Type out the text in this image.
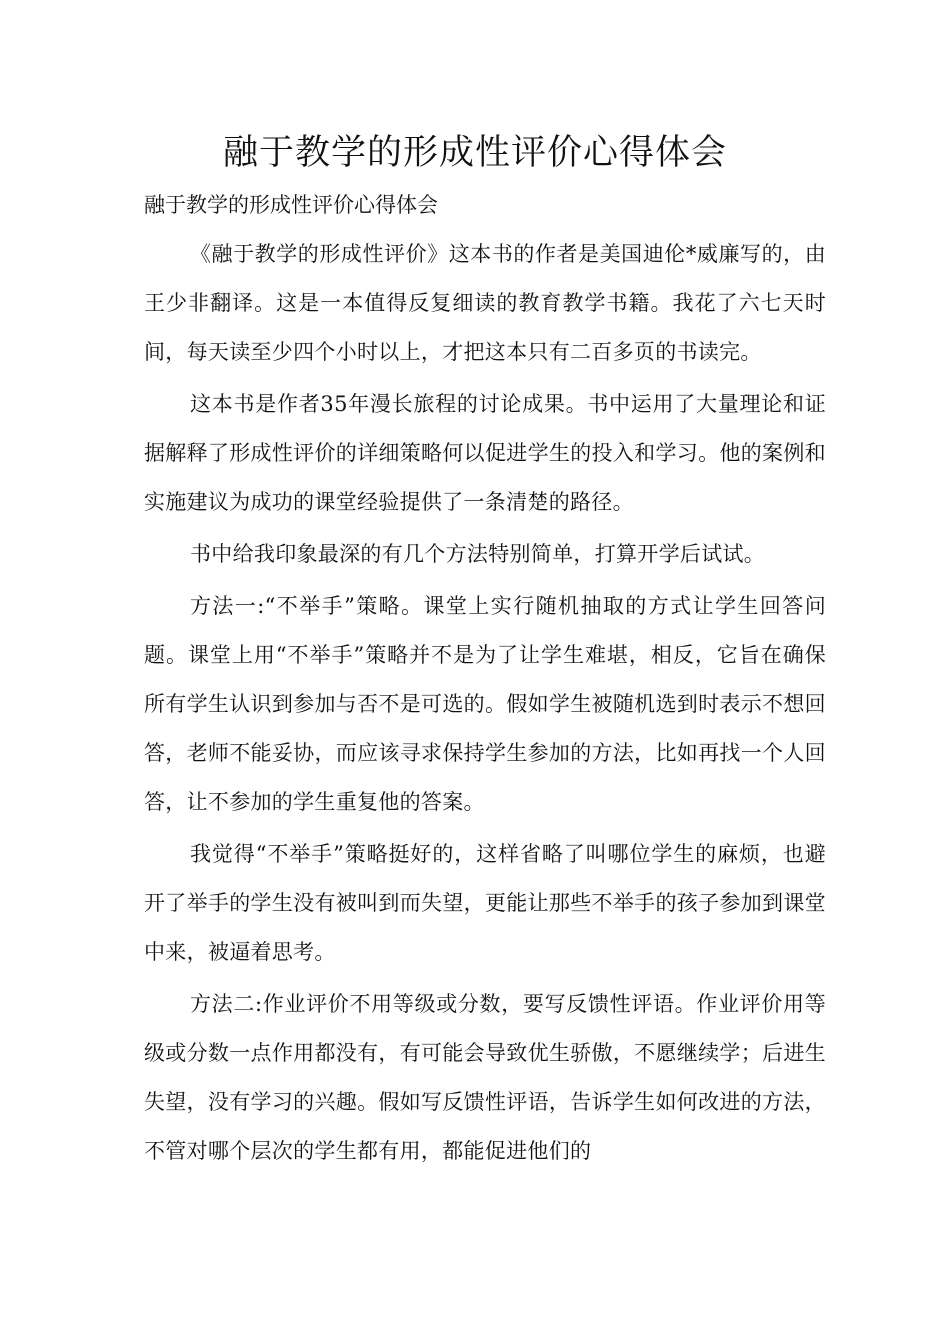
融于教学的形成性评价心得体会

融于教学的形成性评价心得体会

《融于教学的形成性评价》这本书的作者是美国迪伦*威廉写的，由王少非翻译。这是一本值得反复细读的教育教学书籍。我花了六七天时间，每天读至少四个小时以上，才把这本只有二百多页的书读完。

这本书是作者35年漫长旅程的讨论成果。书中运用了大量理论和证据解释了形成性评价的详细策略何以促进学生的投入和学习。他的案例和实施建议为成功的课堂经验提供了一条清楚的路径。

书中给我印象最深的有几个方法特别简单，打算开学后试试。

方法一:“不举手”策略。课堂上实行随机抽取的方式让学生回答问题。课堂上用“不举手”策略并不是为了让学生难堪，相反，它旨在确保所有学生认识到参加与否不是可选的。假如学生被随机选到时表示不想回答，老师不能妥协，而应该寻求保持学生参加的方法，比如再找一个人回答，让不参加的学生重复他的答案。

我觉得“不举手”策略挺好的，这样省略了叫哪位学生的麻烦，也避开了举手的学生没有被叫到而失望，更能让那些不举手的孩子参加到课堂中来，被逼着思考。

方法二:作业评价不用等级或分数，要写反馈性评语。作业评价用等级或分数一点作用都没有，有可能会导致优生骄傲，不愿继续学；后进生失望，没有学习的兴趣。假如写反馈性评语，告诉学生如何改进的方法，不管对哪个层次的学生都有用，都能促进他们的
